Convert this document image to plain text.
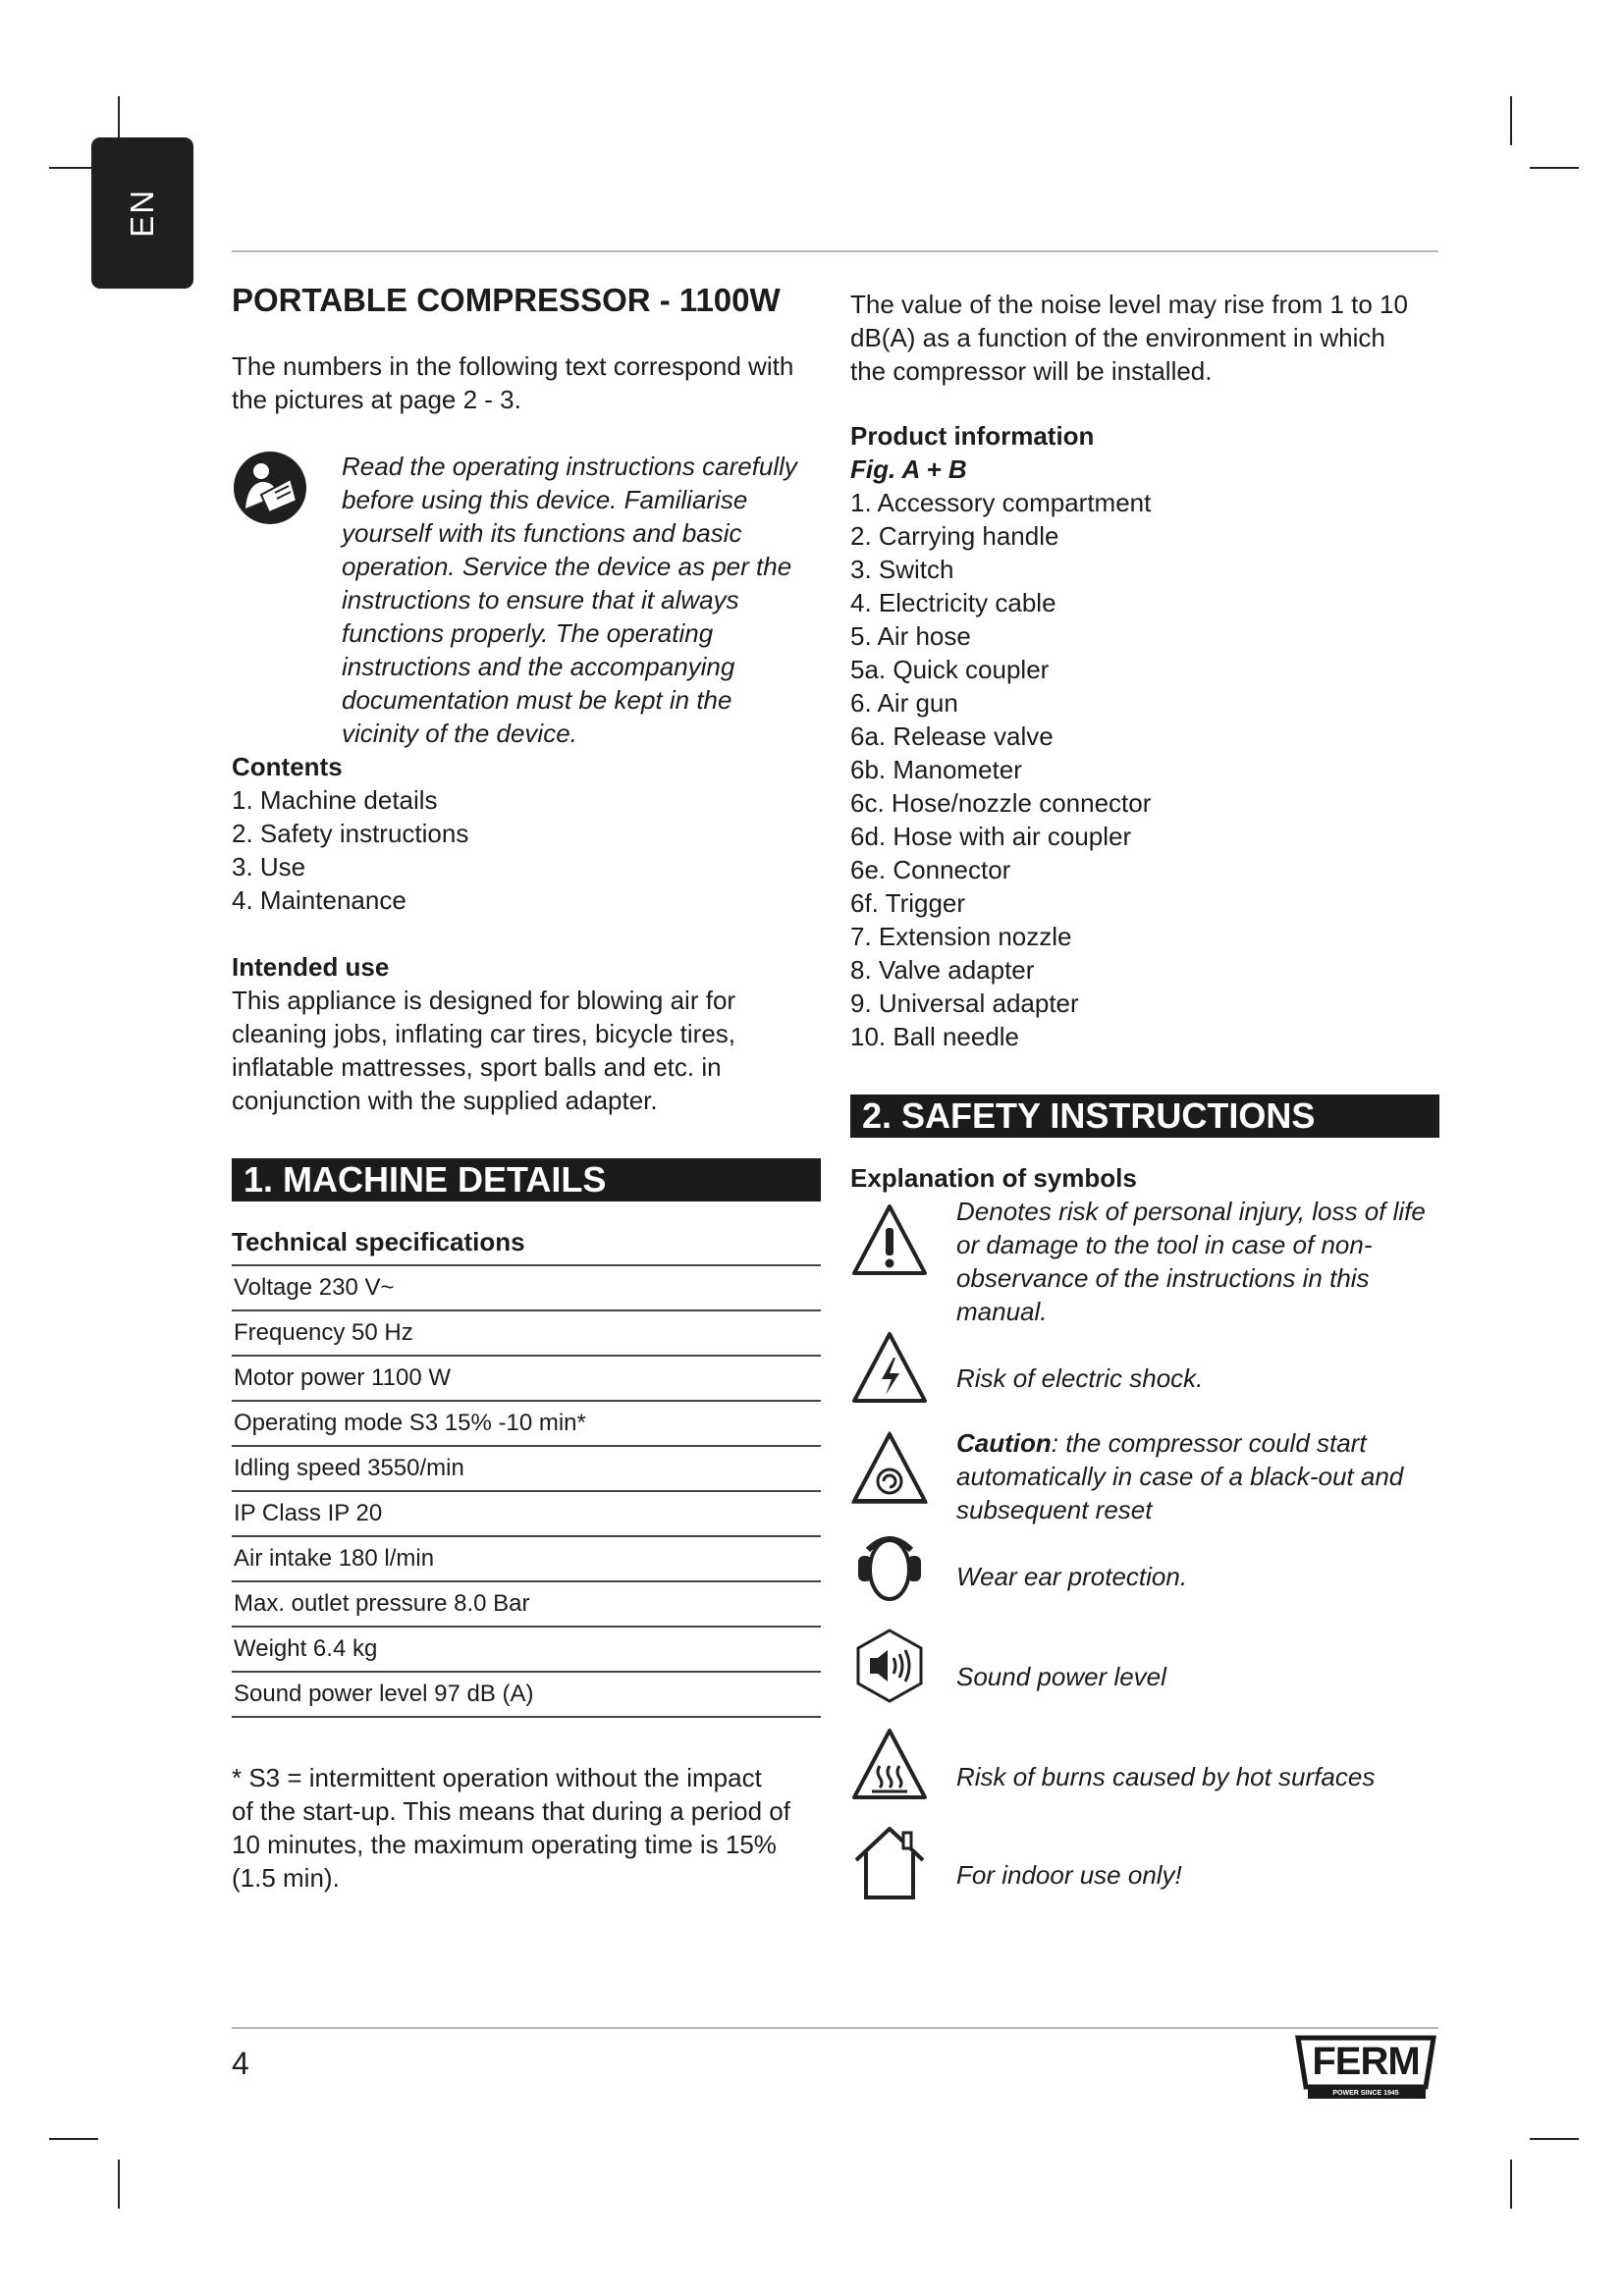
EN
PORTABLE COMPRESSOR - 1100W

The numbers in the following text correspond with

the pictures at page 2 - 3.

Read the operating instructions carefully

before using this device. Familiarise

yourself with its functions and basic

operation. Service the device as per the

instructions to ensure that it always

functions properly. The operating

instructions and the accompanying

documentation must be kept in the

vicinity of the device.

Contents

1. Machine details
2. Safety instructions
3. Use
4. Maintenance

Intended use

This appliance is designed for blowing air for

cleaning jobs, inflating car tires, bicycle tires,

inflatable mattresses, sport balls and etc. in

conjunction with the supplied adapter.

1. MACHINE DETAILS

Technical specifications

Voltage 230 V~
Frequency 50 Hz
Motor power 1100 W
Operating mode S3 15% -10 min*
Idling speed 3550/min
IP Class IP 20
Air intake 180 l/min
Max. outlet pressure 8.0 Bar
Weight 6.4 kg
Sound power level 97 dB (A)

* S3 = intermittent operation without the impact

of the start-up. This means that during a period of

10 minutes, the maximum operating time is 15%

(1.5 min).

The value of the noise level may rise from 1 to 10

dB(A) as a function of the environment in which

the compressor will be installed.

Product information

Fig. A + B

1. Accessory compartment
2. Carrying handle
3. Switch
4. Electricity cable
5. Air hose
5a. Quick coupler
6. Air gun
6a. Release valve
6b. Manometer
6c. Hose/nozzle connector
6d. Hose with air coupler
6e. Connector
6f. Trigger
7. Extension nozzle
8. Valve adapter
9. Universal adapter
10. Ball needle
2. SAFETY INSTRUCTIONS

Explanation of symbols

Denotes risk of personal injury, loss of life

or damage to the tool in case of non-

observance of the instructions in this

manual.

Risk of electric shock.

Caution: the compressor could start

automatically in case of a black-out and

subsequent reset

Wear ear protection.

Sound power level

Risk of burns caused by hot surfaces

For indoor use only!

4	FERM
POWER SINCE 1945
